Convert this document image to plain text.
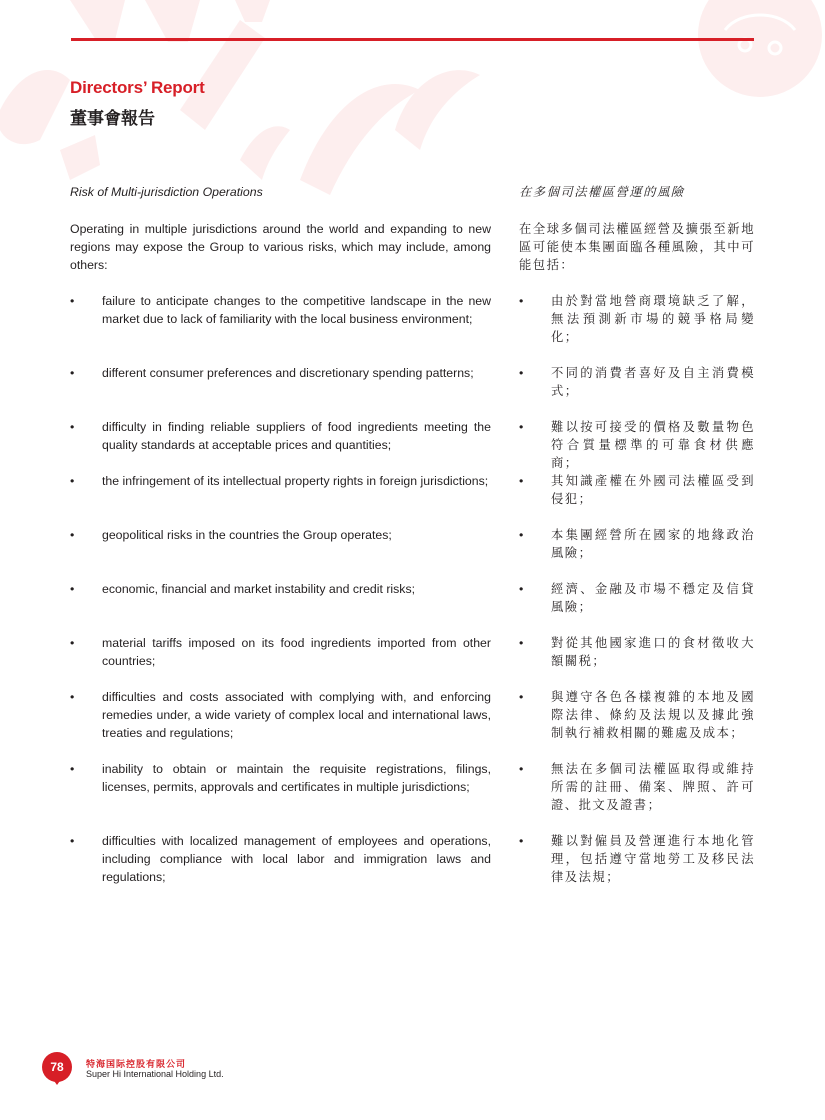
Directors’ Report
董事會報告
Risk of Multi-jurisdiction Operations
Operating in multiple jurisdictions around the world and expanding to new regions may expose the Group to various risks, which may include, among others:
• failure to anticipate changes to the competitive landscape in the new market due to lack of familiarity with the local business environment;
• different consumer preferences and discretionary spending patterns;
• difficulty in finding reliable suppliers of food ingredients meeting the quality standards at acceptable prices and quantities;
• the infringement of its intellectual property rights in foreign jurisdictions;
• geopolitical risks in the countries the Group operates;
• economic, financial and market instability and credit risks;
• material tariffs imposed on its food ingredients imported from other countries;
• difficulties and costs associated with complying with, and enforcing remedies under, a wide variety of complex local and international laws, treaties and regulations;
• inability to obtain or maintain the requisite registrations, filings, licenses, permits, approvals and certificates in multiple jurisdictions;
• difficulties with localized management of employees and operations, including compliance with local labor and immigration laws and regulations;
在多個司法權區營運的風險
在全球多個司法權區經營及擴張至新地區可能使本集團面臨各種風險，其中可能包括：
• 由於對當地營商環境缺乏了解，無法預測新市場的競爭格局變化；
• 不同的消費者喜好及自主消費模式；
• 難以按可接受的價格及數量物色符合質量標準的可靠食材供應商；
• 其知識產權在外國司法權區受到侵犯；
• 本集團經營所在國家的地緣政治風險；
• 經濟、金融及市場不穩定及信貸風險；
• 對從其他國家進口的食材徵收大額關税；
• 與遵守各色各樣複雜的本地及國際法律、條約及法規以及據此強制執行補救相關的難處及成本；
• 無法在多個司法權區取得或維持所需的註冊、備案、牌照、許可證、批文及證書；
• 難以對僱員及營運進行本地化管理，包括遵守當地勞工及移民法律及法規；
78	特海国际控股有限公司
Super Hi International Holding Ltd.
